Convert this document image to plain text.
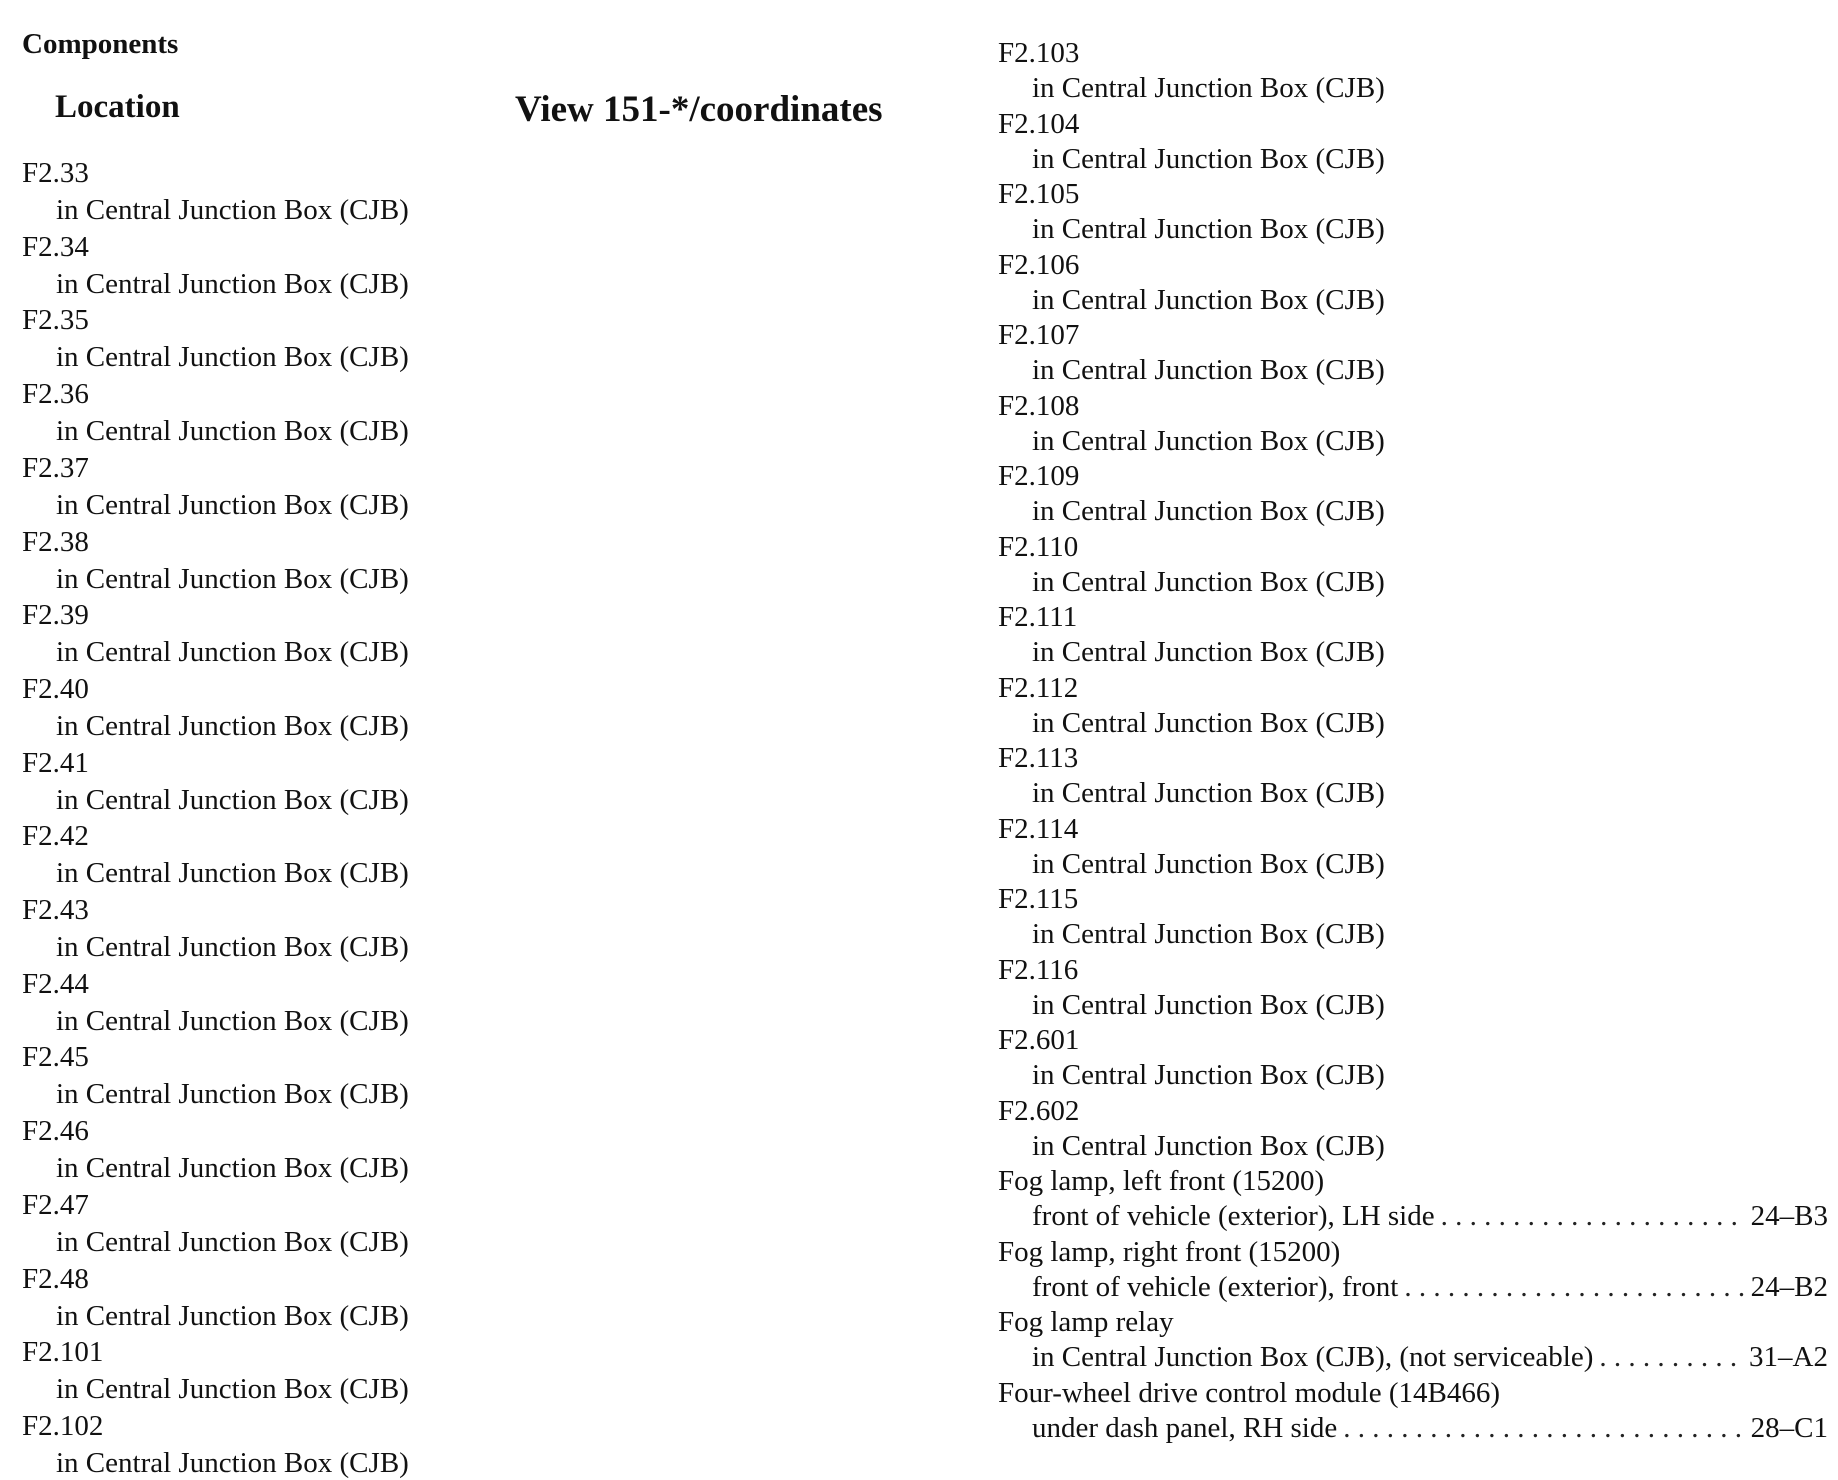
Components
Location	View 151-*/coordinates
F2.33
in Central Junction Box (CJB)
F2.34
in Central Junction Box (CJB)
F2.35
in Central Junction Box (CJB)
F2.36
in Central Junction Box (CJB)
F2.37
in Central Junction Box (CJB)
F2.38
in Central Junction Box (CJB)
F2.39
in Central Junction Box (CJB)
F2.40
in Central Junction Box (CJB)
F2.41
in Central Junction Box (CJB)
F2.42
in Central Junction Box (CJB)
F2.43
in Central Junction Box (CJB)
F2.44
in Central Junction Box (CJB)
F2.45
in Central Junction Box (CJB)
F2.46
in Central Junction Box (CJB)
F2.47
in Central Junction Box (CJB)
F2.48
in Central Junction Box (CJB)
F2.101
in Central Junction Box (CJB)
F2.102
in Central Junction Box (CJB)
F2.103
in Central Junction Box (CJB)
F2.104
in Central Junction Box (CJB)
F2.105
in Central Junction Box (CJB)
F2.106
in Central Junction Box (CJB)
F2.107
in Central Junction Box (CJB)
F2.108
in Central Junction Box (CJB)
F2.109
in Central Junction Box (CJB)
F2.110
in Central Junction Box (CJB)
F2.111
in Central Junction Box (CJB)
F2.112
in Central Junction Box (CJB)
F2.113
in Central Junction Box (CJB)
F2.114
in Central Junction Box (CJB)
F2.115
in Central Junction Box (CJB)
F2.116
in Central Junction Box (CJB)
F2.601
in Central Junction Box (CJB)
F2.602
in Central Junction Box (CJB)
Fog lamp, left front (15200)
front of vehicle (exterior), LH side . . .	24–B3
Fog lamp, right front (15200)
front of vehicle (exterior), front . . .	24–B2
Fog lamp relay
in Central Junction Box (CJB), (not serviceable) . . .	31–A2
Four-wheel drive control module (14B466)
under dash panel, RH side . . .	28–C1
